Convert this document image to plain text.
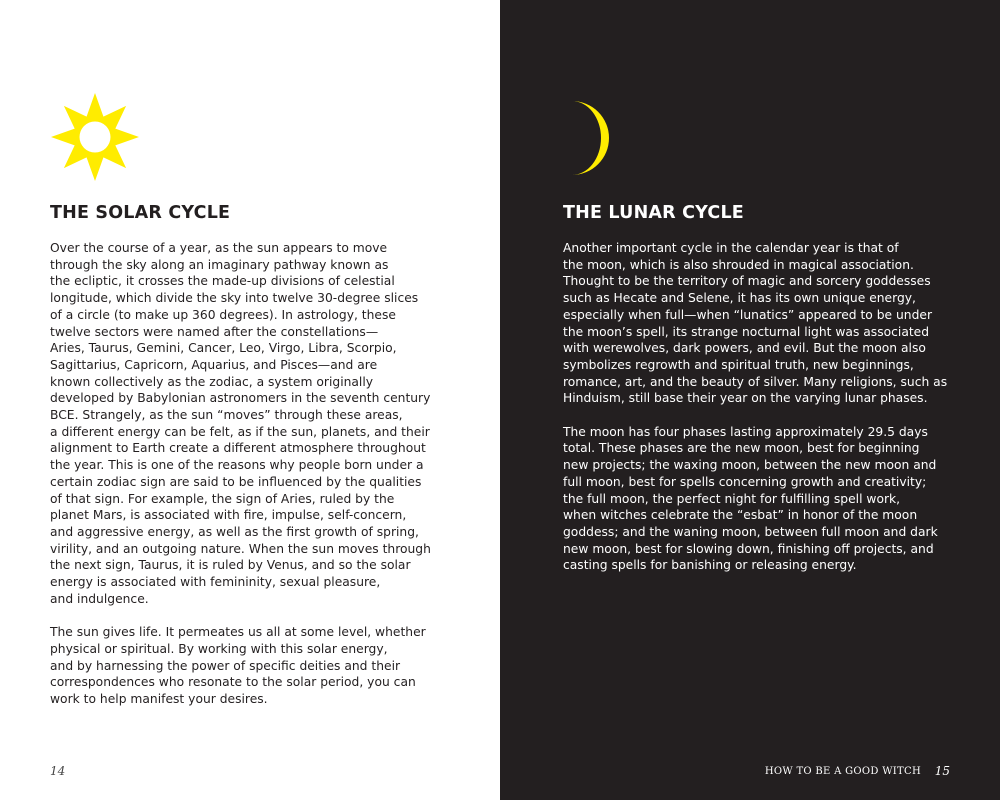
THE SOLAR CYCLE

Over the course of a year, as the sun appears to move
through the sky along an imaginary pathway known as
the ecliptic, it crosses the made-up divisions of celestial
longitude, which divide the sky into twelve 30-degree slices
of a circle (to make up 360 degrees). In astrology, these
twelve sectors were named after the constellations—
Aries, Taurus, Gemini, Cancer, Leo, Virgo, Libra, Scorpio,
Sagittarius, Capricorn, Aquarius, and Pisces—and are
known collectively as the zodiac, a system originally
developed by Babylonian astronomers in the seventh century
BCE. Strangely, as the sun “moves” through these areas,
a different energy can be felt, as if the sun, planets, and their
alignment to Earth create a different atmosphere throughout
the year. This is one of the reasons why people born under a
certain zodiac sign are said to be influenced by the qualities
of that sign. For example, the sign of Aries, ruled by the
planet Mars, is associated with fire, impulse, self-concern,
and aggressive energy, as well as the first growth of spring,
virility, and an outgoing nature. When the sun moves through
the next sign, Taurus, it is ruled by Venus, and so the solar
energy is associated with femininity, sexual pleasure,
and indulgence.

The sun gives life. It permeates us all at some level, whether
physical or spiritual. By working with this solar energy,
and by harnessing the power of specific deities and their
correspondences who resonate to the solar period, you can
work to help manifest your desires.

14
THE LUNAR CYCLE

Another important cycle in the calendar year is that of
the moon, which is also shrouded in magical association.
Thought to be the territory of magic and sorcery goddesses
such as Hecate and Selene, it has its own unique energy,
especially when full—when “lunatics” appeared to be under
the moon’s spell, its strange nocturnal light was associated
with werewolves, dark powers, and evil. But the moon also
symbolizes regrowth and spiritual truth, new beginnings,
romance, art, and the beauty of silver. Many religions, such as
Hinduism, still base their year on the varying lunar phases.

The moon has four phases lasting approximately 29.5 days
total. These phases are the new moon, best for beginning
new projects; the waxing moon, between the new moon and
full moon, best for spells concerning growth and creativity;
the full moon, the perfect night for fulfilling spell work,
when witches celebrate the “esbat” in honor of the moon
goddess; and the waning moon, between full moon and dark
new moon, best for slowing down, finishing off projects, and
casting spells for banishing or releasing energy.

HOW TO BE A GOOD WITCH 15
